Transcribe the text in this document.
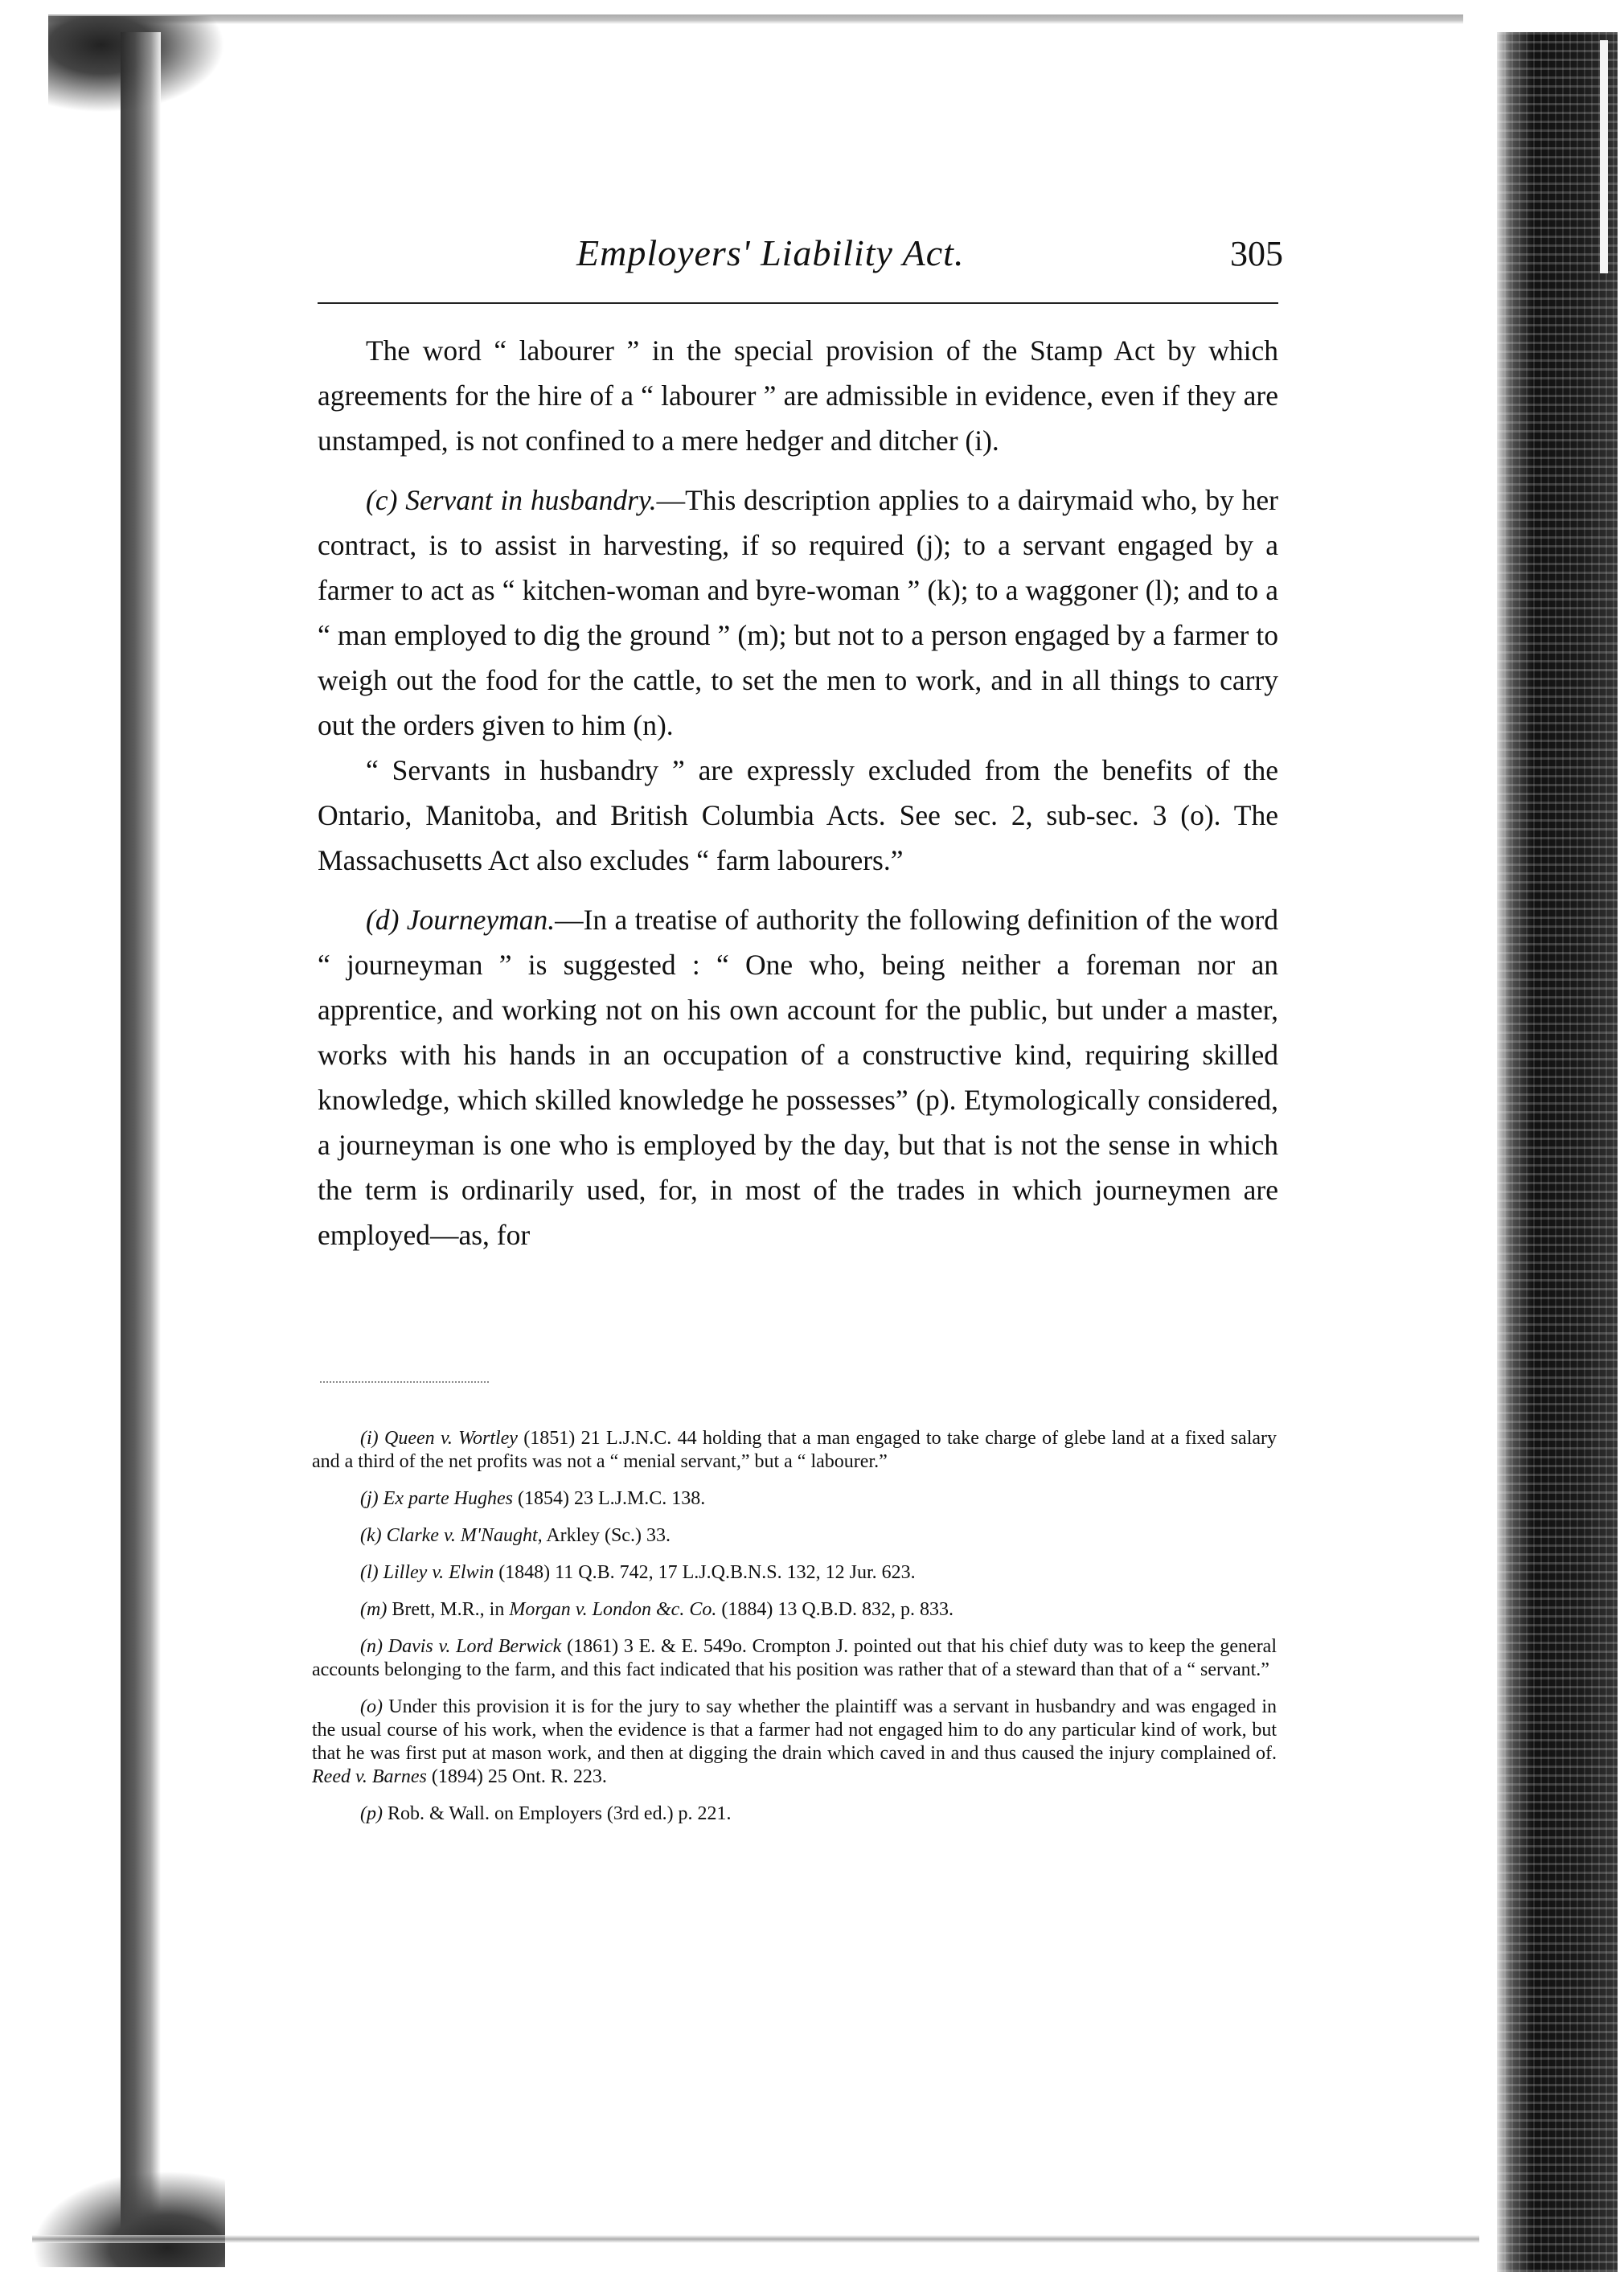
Employers' Liability Act.	305

The word “ labourer ” in the special provision of the Stamp Act by which agreements for the hire of a “ labourer ” are admissible in evidence, even if they are unstamped, is not confined to a mere hedger and ditcher (i).

(c) Servant in husbandry.—This description applies to a dairymaid who, by her contract, is to assist in harvesting, if so required (j); to a servant engaged by a farmer to act as “ kitchen-woman and byre-woman ” (k); to a waggoner (l); and to a “ man employed to dig the ground ” (m); but not to a person engaged by a farmer to weigh out the food for the cattle, to set the men to work, and in all things to carry out the orders given to him (n).

“ Servants in husbandry ” are expressly excluded from the benefits of the Ontario, Manitoba, and British Columbia Acts. See sec. 2, sub-sec. 3 (o). The Massachusetts Act also excludes “ farm labourers.”

(d) Journeyman.—In a treatise of authority the following definition of the word “ journeyman ” is suggested : “ One who, being neither a foreman nor an apprentice, and working not on his own account for the public, but under a master, works with his hands in an occupation of a constructive kind, requiring skilled knowledge, which skilled knowledge he possesses” (p). Etymologically considered, a journeyman is one who is employed by the day, but that is not the sense in which the term is ordinarily used, for, in most of the trades in which journeymen are employed—as, for

(i) Queen v. Wortley (1851) 21 L.J.N.C. 44 holding that a man engaged to take charge of glebe land at a fixed salary and a third of the net profits was not a “ menial servant,” but a “ labourer.”

(j) Ex parte Hughes (1854) 23 L.J.M.C. 138.

(k) Clarke v. M'Naught, Arkley (Sc.) 33.

(l) Lilley v. Elwin (1848) 11 Q.B. 742, 17 L.J.Q.B.N.S. 132, 12 Jur. 623.

(m) Brett, M.R., in Morgan v. London &c. Co. (1884) 13 Q.B.D. 832, p. 833.

(n) Davis v. Lord Berwick (1861) 3 E. & E. 549o. Crompton J. pointed out that his chief duty was to keep the general accounts belonging to the farm, and this fact indicated that his position was rather that of a steward than that of a “ servant.”

(o) Under this provision it is for the jury to say whether the plaintiff was a servant in husbandry and was engaged in the usual course of his work, when the evidence is that a farmer had not engaged him to do any particular kind of work, but that he was first put at mason work, and then at digging the drain which caved in and thus caused the injury complained of. Reed v. Barnes (1894) 25 Ont. R. 223.

(p) Rob. & Wall. on Employers (3rd ed.) p. 221.
